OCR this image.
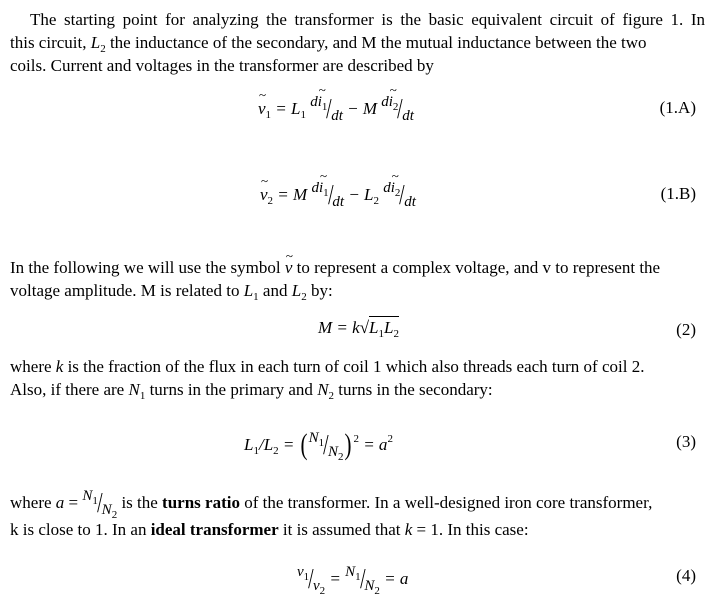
The starting point for analyzing the transformer is the basic equivalent circuit of figure 1. In
this circuit, $L_2$ the inductance of the secondary, and M the mutual inductance between the two
coils. Current and voltages in the transformer are described by
~ $v_1 = L_1$ d~ $i_1/dt - M$ d~ $i_2/dt$	(1.A)
~ $v_2 = M$ d~ $i_1/dt - L_2$ d~ $i_2/dt$	(1.B)
In the following we will use the symbol ~ v to represent a complex voltage, and v to represent the
voltage amplitude. M is related to $L_1$ and $L_2$ by:
$M = k√L_1L_2$	(2)
where k is the fraction of the flux in each turn of coil 1 which also threads each turn of coil 2.
Also, if there are $N_1$ turns in the primary and $N_2$ turns in the secondary:
$L_1/L_2$ = ( $N_1/N_2$) $^2 = a^2$	(3)
where $a = N_1/N_2$ is the turns ratio of the transformer. In a well-designed iron core transformer,
k is close to 1. In an ideal transformer it is assumed that k = 1. In this case:
$v_1/v_2 = N_1/N_2 = a$	(4)
